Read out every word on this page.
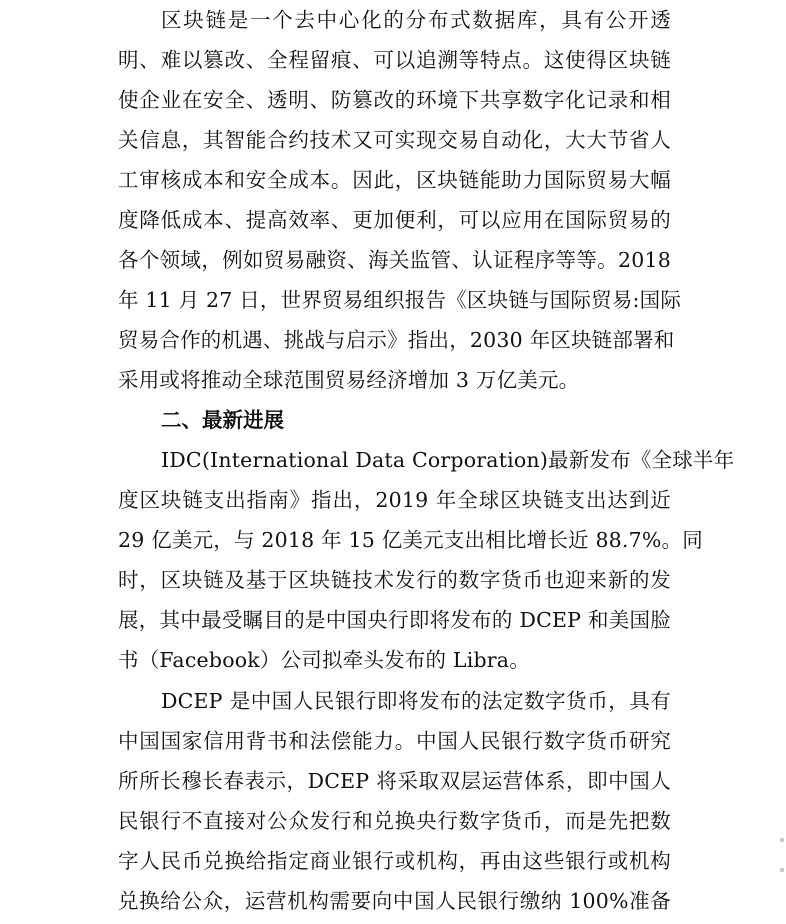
区块链是一个去中心化的分布式数据库，具有公开透
明、难以篡改、全程留痕、可以追溯等特点。这使得区块链
使企业在安全、透明、防篡改的环境下共享数字化记录和相
关信息，其智能合约技术又可实现交易自动化，大大节省人
工审核成本和安全成本。因此，区块链能助力国际贸易大幅
度降低成本、提高效率、更加便利，可以应用在国际贸易的
各个领域，例如贸易融资、海关监管、认证程序等等。2018
年 11 月 27 日，世界贸易组织报告《区块链与国际贸易:国际
贸易合作的机遇、挑战与启示》指出，2030 年区块链部署和
采用或将推动全球范围贸易经济增加 3 万亿美元。
二、最新进展
IDC(International Data Corporation)最新发布《全球半年
度区块链支出指南》指出，2019 年全球区块链支出达到近
29 亿美元，与 2018 年 15 亿美元支出相比增长近 88.7%。同
时，区块链及基于区块链技术发行的数字货币也迎来新的发
展，其中最受瞩目的是中国央行即将发布的 DCEP 和美国脸
书（Facebook）公司拟牵头发布的 Libra。
DCEP 是中国人民银行即将发布的法定数字货币，具有
中国国家信用背书和法偿能力。中国人民银行数字货币研究
所所长穆长春表示，DCEP 将采取双层运营体系，即中国人
民银行不直接对公众发行和兑换央行数字货币，而是先把数
字人民币兑换给指定商业银行或机构，再由这些银行或机构
兑换给公众，运营机构需要向中国人民银行缴纳 100%准备
